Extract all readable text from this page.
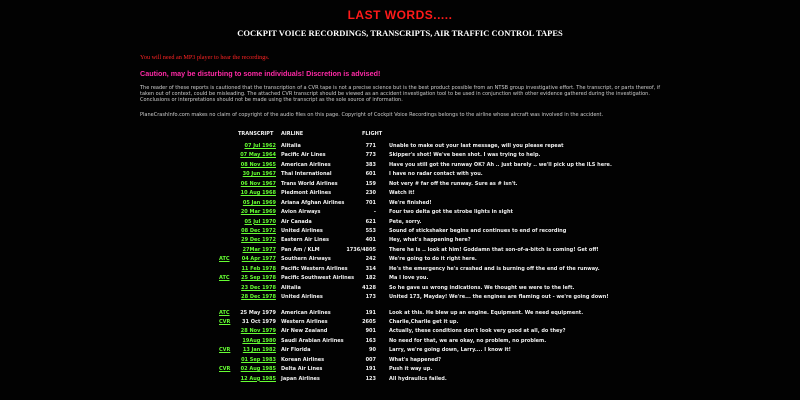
LAST WORDS.....
COCKPIT VOICE RECORDINGS, TRANSCRIPTS, AIR TRAFFIC CONTROL TAPES
You will need an MP3 player to hear the recordings.
Caution, may be disturbing to some individuals! Discretion is advised!
The reader of these reports is cautioned that the transcription of a CVR tape is not a precise science but is the best product possible from an NTSB group investigative effort. The transcript, or parts thereof, if taken out of context, could be misleading. The attached CVR transcript should be viewed as an accident investigation tool to be used in conjunction with other evidence gathered during the investigation. Conclusions or interpretations should not be made using the transcript as the sole source of information.
PlaneCrashInfo.com makes no claim of copyright of the audio files on this page. Copyright of Cockpit Voice Recordings belongs to the airline whose aircraft was involved in the accident.
TRANSCRIPT AIRLINE	FLIGHT
07 Jul 1962 Alitalia	771	Unable to make out your last message, will you please repeat
07 May 1964 Pacific Air Lines	773	Skipper's shot! We've been shot. I was trying to help.
08 Nov 1965 American Airlines	383	Have you still got the runway OK? Ah .. just barely .. we'll pick up the ILS here.
30 Jun 1967 Thai International	601	I have no radar contact with you.
06 Nov 1967 Trans World Airlines	159	Not very # far off the runway. Sure as # isn't.
10 Aug 1968 Piedmont Airlines	230	Watch it!
05 Jan 1969 Ariana Afghan Airlines	701	We're finished!
20 Mar 1969 Avion Airways	-	Four two delta got the strobe lights in sight
05 Jul 1970 Air Canada	621	Pete, sorry.
08 Dec 1972 United Airlines	553	Sound of stickshaker begins and continues to end of recording
29 Dec 1972 Eastern Air Lines	401	Hey, what's happening here?
27Mar 1977 Pan Am / KLM	1736/4805	There he is .. look at him! Goddamn that son-of-a-bitch is coming! Get off!
ATC	04 Apr 1977 Southern Airways	242	We're going to do it right here.
11 Feb 1978 Pacific Western Airlines	314	He's the emergency he's crashed and is burning off the end of the runway.
ATC	25 Sep 1978 Pacific Southwest Airlines	182	Ma I love you.
23 Dec 1978 Alitalia	4128	So he gave us wrong indications. We thought we were to the left.
28 Dec 1978 United Airlines	173	United 173, Mayday! We're... the engines are flaming out - we're going down!
ATC	25 May 1979 American Airlines	191	Look at this. He blew up an engine. Equipment. We need equipment.
CVR	31 Oct 1979 Western Airlines	2605	Charlie,Charlie get it up.
28 Nov 1979 Air New Zealand	901	Actually, these conditions don't look very good at all, do they?
19Aug 1980 Saudi Arabian Airlines	163	No need for that, we are okay, no problem, no problem.
CVR	13 Jan 1982 Air Florida	90	Larry, we're going down, Larry.... I know it!
01 Sep 1983 Korean Airlines	007	What's happened?
CVR	02 Aug 1985 Delta Air Lines	191	Push it way up.
12 Aug 1985 Japan Airlines	123	All hydraulics failed.
